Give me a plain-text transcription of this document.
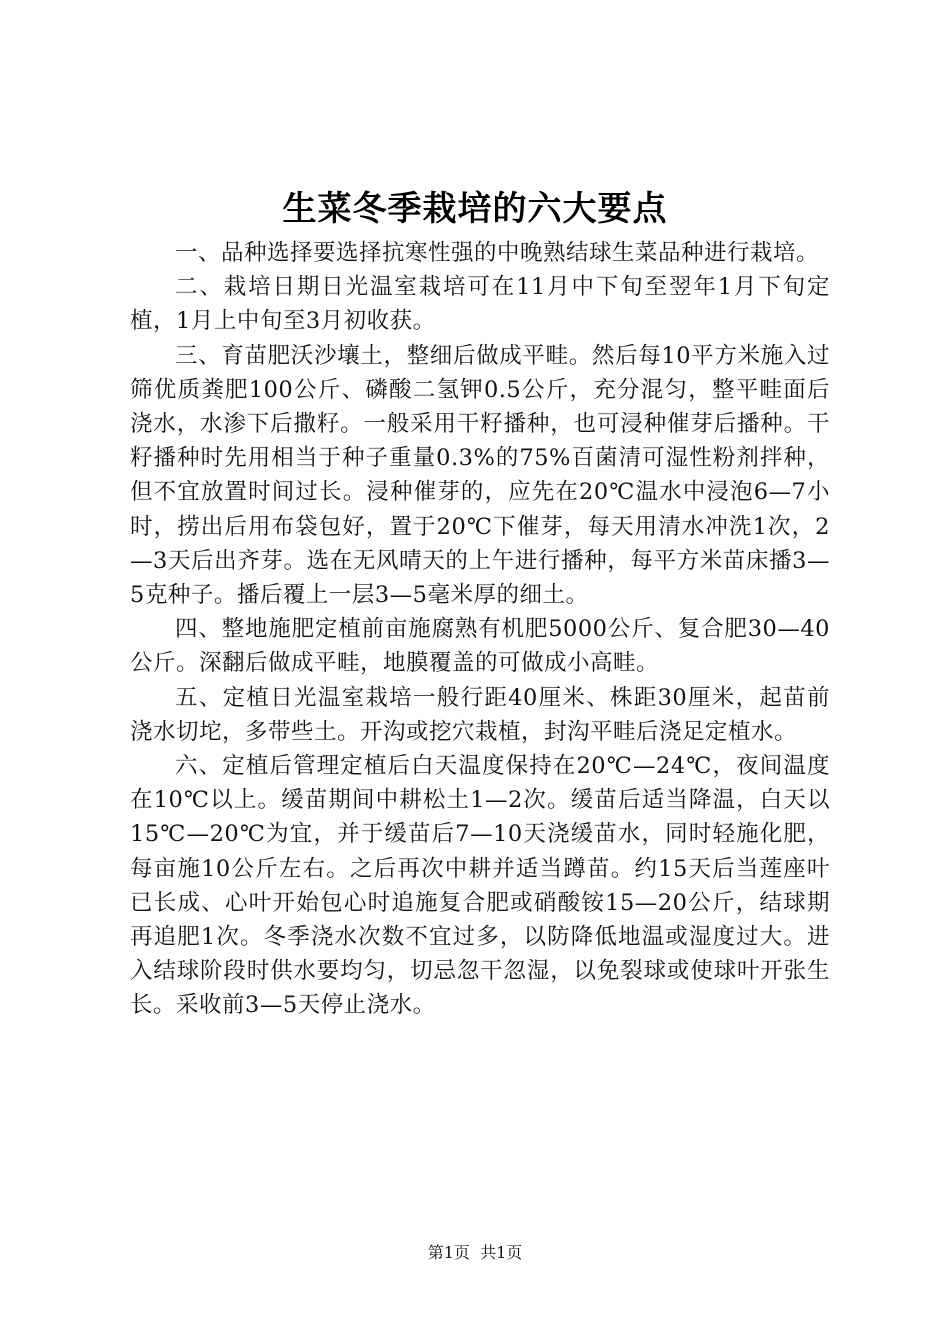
生菜冬季栽培的六大要点

一、品种选择要选择抗寒性强的中晚熟结球生菜品种进行栽培。

二、栽培日期日光温室栽培可在11月中下旬至翌年1月下旬定植，1月上中旬至3月初收获。

三、育苗肥沃沙壤土，整细后做成平畦。然后每10平方米施入过筛优质粪肥100公斤、磷酸二氢钾0.5公斤，充分混匀，整平畦面后浇水，水渗下后撒籽。一般采用干籽播种，也可浸种催芽后播种。干籽播种时先用相当于种子重量0.3%的75%百菌清可湿性粉剂拌种，但不宜放置时间过长。浸种催芽的，应先在20℃温水中浸泡6—7小时，捞出后用布袋包好，置于20℃下催芽，每天用清水冲洗1次，2—3天后出齐芽。选在无风晴天的上午进行播种，每平方米苗床播3—5克种子。播后覆上一层3—5毫米厚的细土。

四、整地施肥定植前亩施腐熟有机肥5000公斤、复合肥30—40公斤。深翻后做成平畦，地膜覆盖的可做成小高畦。

五、定植日光温室栽培一般行距40厘米、株距30厘米，起苗前浇水切坨，多带些土。开沟或挖穴栽植，封沟平畦后浇足定植水。

六、定植后管理定植后白天温度保持在20℃—24℃，夜间温度在10℃以上。缓苗期间中耕松土1—2次。缓苗后适当降温，白天以15℃—20℃为宜，并于缓苗后7—10天浇缓苗水，同时轻施化肥，每亩施10公斤左右。之后再次中耕并适当蹲苗。约15天后当莲座叶已长成、心叶开始包心时追施复合肥或硝酸铵15—20公斤，结球期再追肥1次。冬季浇水次数不宜过多，以防降低地温或湿度过大。进入结球阶段时供水要均匀，切忌忽干忽湿，以免裂球或使球叶开张生长。采收前3—5天停止浇水。

第1页 共1页
